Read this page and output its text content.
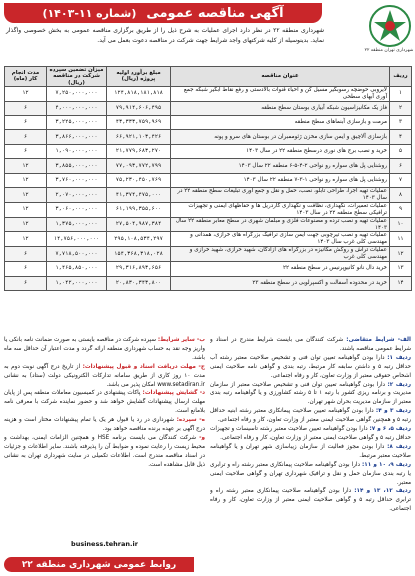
شهرداری تهران منطقه ۲۲
آگهی مناقصه عمومی
(شماره ۱۱-۱۴۰۳)
شهرداری منطقه ۲۲ در نظر دارد اجرای عملیات به شرح ذیل را از طریق برگزاری مناقصه عمومی به بخش خصوصی واگذار نماید. بدینوسیله از کلیه شرکتهای واجد شرایط جهت شرکت در مناقصه دعوت بعمل می آید.
ردیف	عنوان مناقصه	مبلغ برآورد اولیه پروژه (ریال)	میزان تضمین سپرده شرکت در مناقصه (ریال)	مدت انجام کار (ماه)
۱	لایروبی حوضچه رسوبگیر مسیل کن و احیاء قنوات بالادستی و رفع نقاط آبگیر شبکه جمع آوری آبهای سطحی	۱۲۴,۸۱۸,۱۸۱,۸۱۸	۷,۲۵۰,۰۰۰,۰۰۰	۱۲
۲	فاز یک مکانیزاسیون شبکه آبیاری بوستان سطح منطقه	۷۹,۹۱۴,۶۰۶,۴۹۵	۴,۰۰۰,۰۰۰,۰۰۰	۶
۳	مرمت و بازسازی آبنماهای سطح منطقه	۴۳,۳۳۳,۷۵۹,۹۶۹	۳,۲۲۵,۰۰۰,۰۰۰	۶
۴	بازسازی آلاچیق و ایمن سازی مخزن ژئوممبران در بوستان های سرو و پونه	۶۶,۹۲۱,۱۰۳,۴۲۶	۳,۸۶۶,۰۰۰,۰۰۰	۶
۵	خرید و نصب برج های نوری درسطح منطقه ۲۲ در سال ۱۴۰۳	۲۱,۷۷۹,۶۸۳,۲۷۰	۱,۰۹۰,۰۰۰,۰۰۰	۶
۶	روشنایی پل های سواره رو نواحی ۲-۴-۵-۶ منطقه ۲۲ سال ۱۴۰۳	۷۷,۰۹۳,۷۷۲,۷۹۹	۳,۸۵۵,۰۰۰,۰۰۰	۱۲
۷	روشنایی پل های سواره رو نواحی ۱-۳-۷ منطقه ۲۲ سال ۱۴۰۳	۷۵,۲۳۰,۴۵۰,۷۶۹	۳,۷۶۰,۰۰۰,۰۰۰	۱۲
۸	عملیات تهیه اجرا، طراحی تابلو، نصب، حمل و نقل و جمع آوری تبلیغات سطح منطقه ۲۲ در سال ۱۴۰۳	۴۱,۳۷۴,۴۷۵,۰۰۰	۲,۰۷۰,۰۰۰,۰۰۰	۱۲
۹	عملیات تعمیرات، نگهداری، نظافت و نگهداری گاردریل ها و حفاظهای ایمنی و تجهیزات ترافیکی سطح منطقه ۲۲ در سال ۱۴۰۳	۶۱,۱۹۹,۳۵۵,۶۰۰	۳,۰۶۰,۰۰۰,۰۰۰	۱۲
۱۰	عملیات تهیه و نصب ترده و مصنوعات فلزی و مبلمان شهری در سطح معابر منطقه ۲۲ سال ۱۴۰۳	۲۷,۵۰۴,۹۸۷,۳۸۴	۱,۳۷۵,۰۰۰,۰۰۰	۱۲
۱۱	عملیات تهیه و نصب تیرچوبی جهت ایمن سازی ترافیک بزرگراه های خرازی، همدانی و مهندسی کلی غرب سال ۱۴۰۳	۲۹۵,۱۰۸,۵۳۴,۲۹۷	۱۴,۷۵۶,۰۰۰,۰۰۰	۱۲
۱۲	عملیات تراش و روکش مکانیزه در بزرگراه های آزادگان، شهید خرازی، شهید خرازی و مهندسی کلی غرب	۱۵۴,۳۶۸,۳۱۸,۰۲۸	۷,۷۱۸,۵۰۰,۰۰۰	۶
۱۳	خرید دال نانو کانیوپرنیس در سطح منطقه ۲۲	۲۹,۳۱۶,۸۹۳,۶۵۶	۱,۴۶۵,۸۵۰,۰۰۰	۶
۱۴	خرید در محدوده آسفالت و اکسپرلوبی در سطح منطقه ۲۳	۲۰,۸۳۰,۳۴۳,۸۰۰	۱,۰۴۲,۰۰۰,۰۰۰	۶

الف- شرایط متقاضی: شرکت کنندگان می بایست شرایط مندرج در اسناد و شرایط عمومی مناقصه باشند.

ردیف ۱: دارا بودن گواهینامه تعیین توان فنی و تشخیص صلاحیت معتبر رشته آب حداقل رتبه ۵ و داشتن سابقه کار مرتبط، رتبه بندی و گواهی نامه صلاحیت ایمنی اشخاص حقوقی معتبر از وزارت تعاون، کار و رفاه اجتماعی.

ردیف ۲: دارا بودن گواهینامه تعیین توان فنی و تشخیص صلاحیت معتبر از سازمان مدیریت و برنامه ریزی کشور با رتبه ۱ تا ۵ رشته کشاورزی و یا گواهینامه رتبه بندی معتبر از سازمان مدیریت بحران شهر تهران.

ردیف ۳ و ۴: دارا بودن گواهینامه تعیین صلاحیت پیمانکاری معتبر رشته ابنیه حداقل رتبه ۵ و همچنین گواهی صلاحیت ایمنی معتبر از وزارت تعاون، کار و رفاه اجتماعی.

ردیف ۵، ۶ و ۷: دارا بودن گواهینامه تعیین صلاحیت معتبر رشته تاسیسات و تجهیزات حداقل رتبه ۵ و گواهی صلاحیت ایمنی معتبر از وزارت تعاون، کار و رفاه اجتماعی.

ردیف ۸: دارا بودن مجوز فعالیت از سازمان زیباسازی شهر تهران و یا گواهینامه صلاحیت معتبر مرتبط.

ردیف ۹، ۱۰ و ۱۱: دارا بودن گواهینامه صلاحیت پیمانکاری معتبر رشته راه و ترابری یا رتبه بندی سازمان حمل و نقل و ترافیک شهرداری تهران و گواهی صلاحیت ایمنی معتبر.

ردیف ۱۲، ۱۳ و ۱۴: دارا بودن گواهینامه صلاحیت پیمانکاری معتبر رشته راه و ترابری حداقل رتبه ۵ و گواهی صلاحیت ایمنی معتبر از وزارت تعاون، کار و رفاه اجتماعی.

ب- سایر شرایط: سپرده شرکت در مناقصه بایستی به صورت ضمانت نامه بانکی یا واریز وجه نقد به حساب شهرداری منطقه ارائه گردد و مدت اعتبار آن حداقل سه ماه باشد.

ج- مهلت دریافت اسناد و قبول پیشنهادات: از تاریخ درج آگهی نوبت دوم به مدت ۱۰ روز کاری از طریق سامانه تدارکات الکترونیکی دولت (ستاد) به نشانی www.setadiran.ir امکان پذیر می باشد.

د- گشایش پیشنهادات: پاکات پیشنهادی در کمیسیون معاملات منطقه پس از پایان مهلت ارسال پیشنهادات گشایش خواهد شد و حضور نماینده شرکت با معرفی نامه بلامانع است.

ه- سپرده: شهرداری در رد یا قبول هر یک یا تمام پیشنهادات مختار است و هزینه درج آگهی بر عهده برنده مناقصه خواهد بود.

و- شرکت کنندگان می بایست برنامه HSE و همچنین الزامات ایمنی، بهداشت و محیط زیست را رعایت نموده و ضوابط آن را پذیرفته باشند. سایر اطلاعات و جزئیات در اسناد مناقصه مندرج است. اطلاعات تکمیلی در سایت شهرداری تهران به نشانی ذیل قابل مشاهده است.

business.tehran.ir
روابط عمومی شهرداری منطقه ۲۲
